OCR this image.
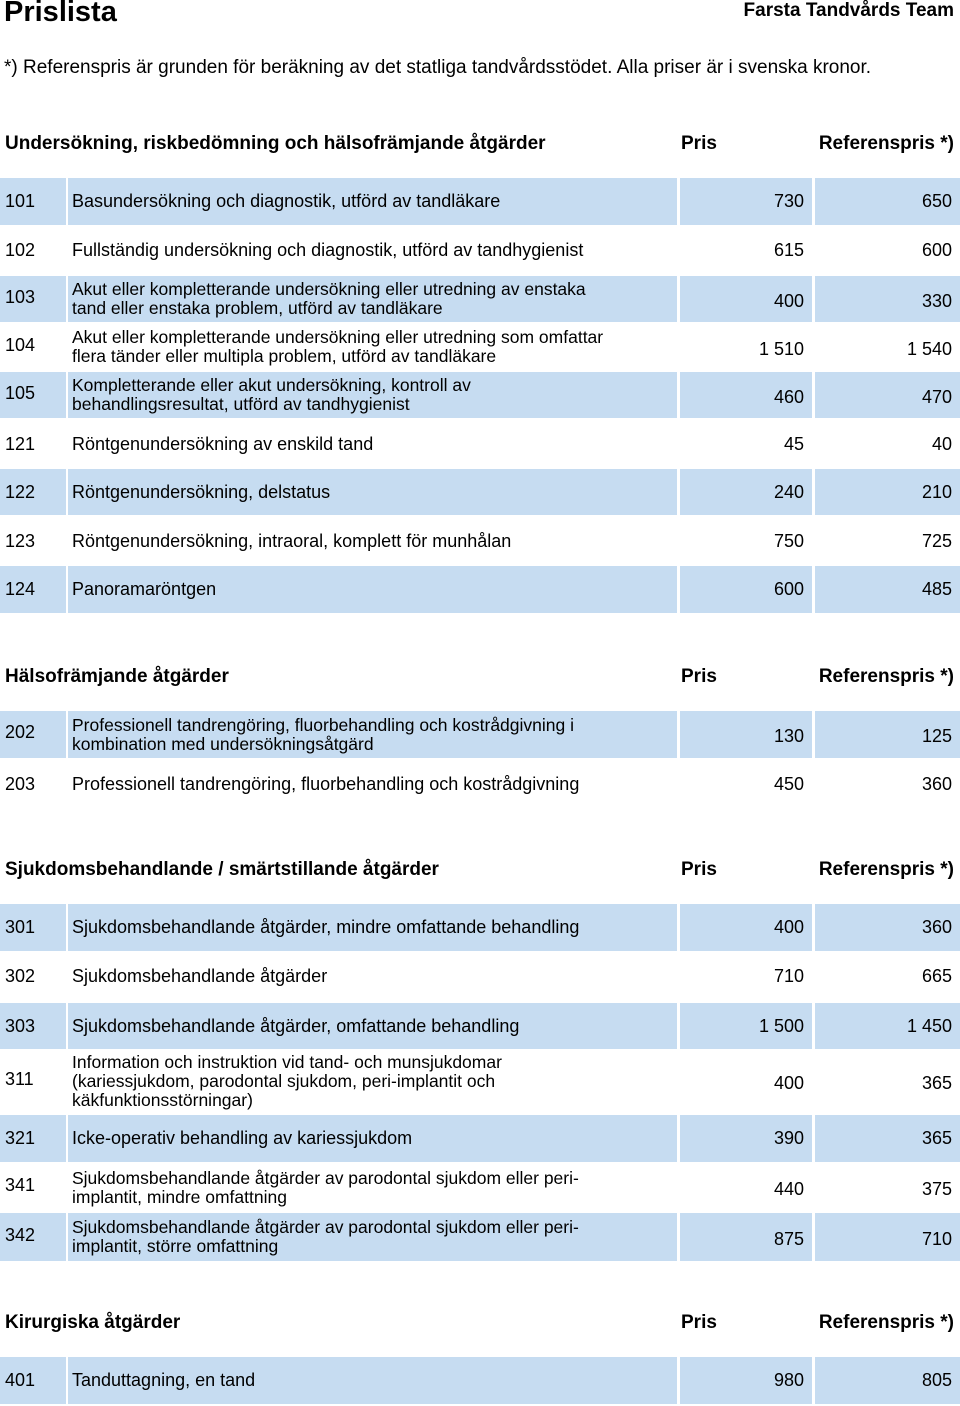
Prislista	Farsta Tandvårds Team
*) Referenspris är grunden för beräkning av det statliga tandvårdsstödet. Alla priser är i svenska kronor.
Undersökning, riskbedömning och hälsofrämjande åtgärder	Pris	Referenspris *)
101 Basundersökning och diagnostik, utförd av tandläkare	730	650
102 Fullständig undersökning och diagnostik, utförd av tandhygienist	615	600
103 Akut eller kompletterande undersökning eller utredning av enstaka
tand eller enstaka problem, utförd av tandläkare	400	330
104 Akut eller kompletterande undersökning eller utredning som omfattar
flera tänder eller multipla problem, utförd av tandläkare	1 510	1 540
105 Kompletterande eller akut undersökning, kontroll av
behandlingsresultat, utförd av tandhygienist	460	470
121 Röntgenundersökning av enskild tand	45	40
122 Röntgenundersökning, delstatus	240	210
123 Röntgenundersökning, intraoral, komplett för munhålan	750	725
124 Panoramaröntgen	600	485
Hälsofrämjande åtgärder	Pris	Referenspris *)
202 Professionell tandrengöring, fluorbehandling och kostrådgivning i
kombination med undersökningsåtgärd	130	125
203 Professionell tandrengöring, fluorbehandling och kostrådgivning	450	360
Sjukdomsbehandlande / smärtstillande åtgärder	Pris	Referenspris *)
301 Sjukdomsbehandlande åtgärder, mindre omfattande behandling	400	360
302 Sjukdomsbehandlande åtgärder	710	665
303 Sjukdomsbehandlande åtgärder, omfattande behandling	1 500	1 450
311
Information och instruktion vid tand- och munsjukdomar
(kariessjukdom, parodontal sjukdom, peri-implantit och
käkfunktionsstörningar)
400	365
321 Icke-operativ behandling av kariessjukdom	390	365
341 Sjukdomsbehandlande åtgärder av parodontal sjukdom eller peri-
implantit, mindre omfattning	440	375
342 Sjukdomsbehandlande åtgärder av parodontal sjukdom eller peri-
implantit, större omfattning	875	710
Kirurgiska åtgärder	Pris	Referenspris *)
401 Tanduttagning, en tand	980	805
